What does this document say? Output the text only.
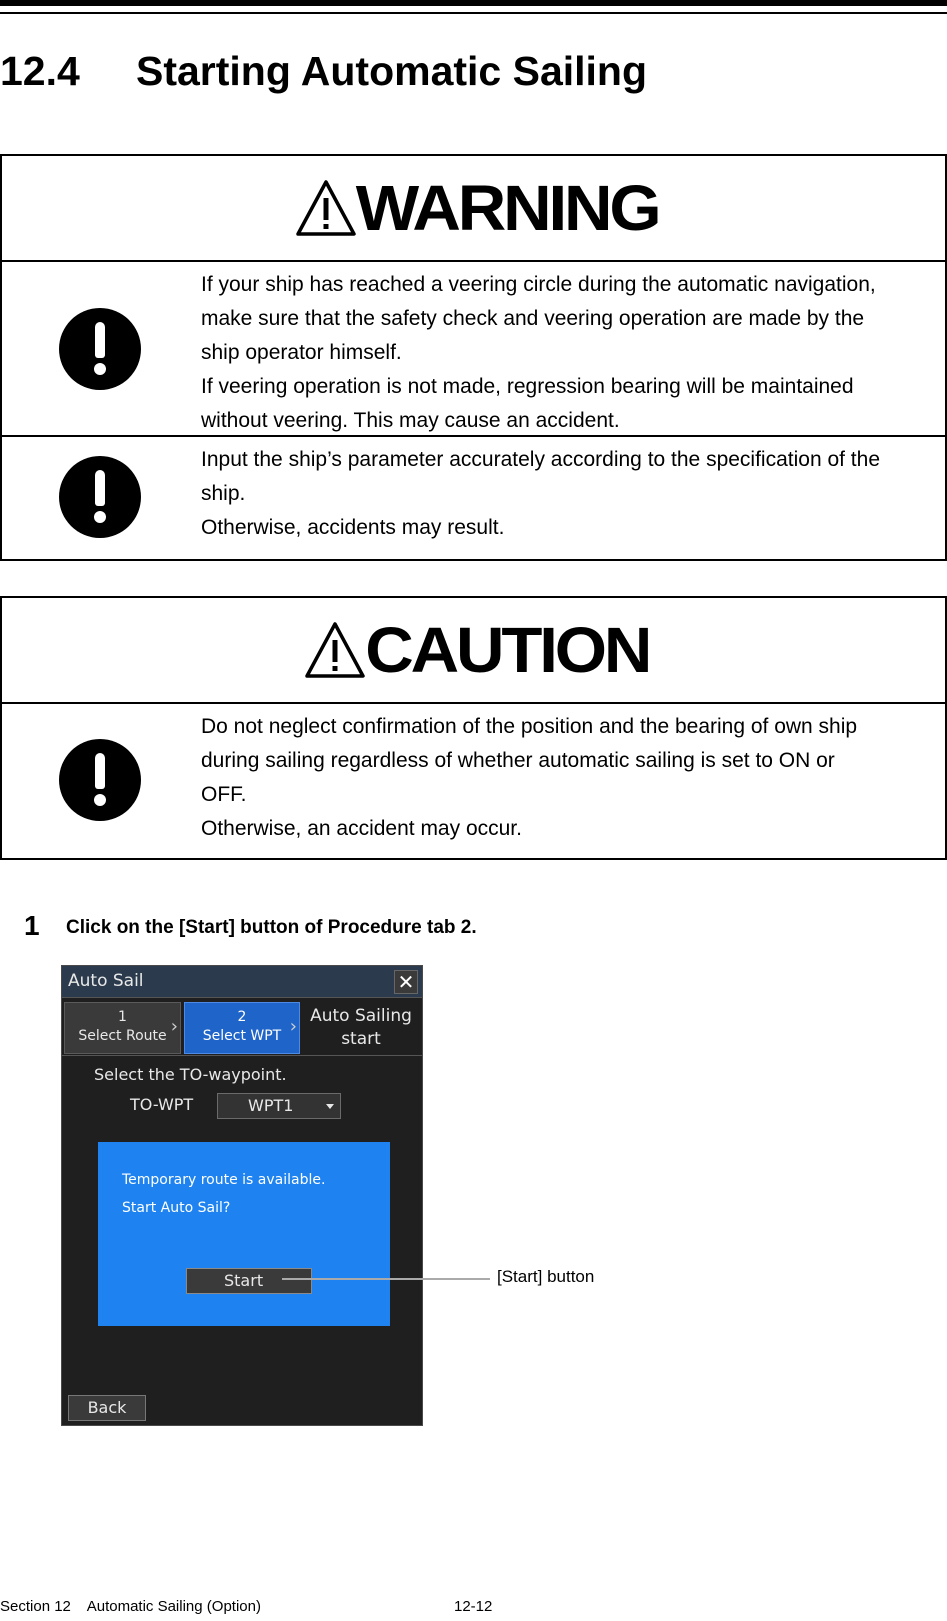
12.4 Starting Automatic Sailing
WARNING
If your ship has reached a veering circle during the automatic navigation,
make sure that the safety check and veering operation are made by the
ship operator himself.
If veering operation is not made, regression bearing will be maintained
without veering. This may cause an accident.
Input the ship’s parameter accurately according to the specification of the
ship.
Otherwise, accidents may result.
CAUTION
Do not neglect confirmation of the position and the bearing of own ship
during sailing regardless of whether automatic sailing is set to ON or
OFF.
Otherwise, an accident may occur.
1 Click on the [Start] button of Procedure tab 2.
Auto Sail	✕
1
Select Route ›	2
Select WPT › Auto Sailing
start
Select the TO-waypoint.
TO-WPT	WPT1
Temporary route is available.
Start Auto Sail?
Start
Back
[Start] button
Section 12    Automatic Sailing (Option)	12-12
